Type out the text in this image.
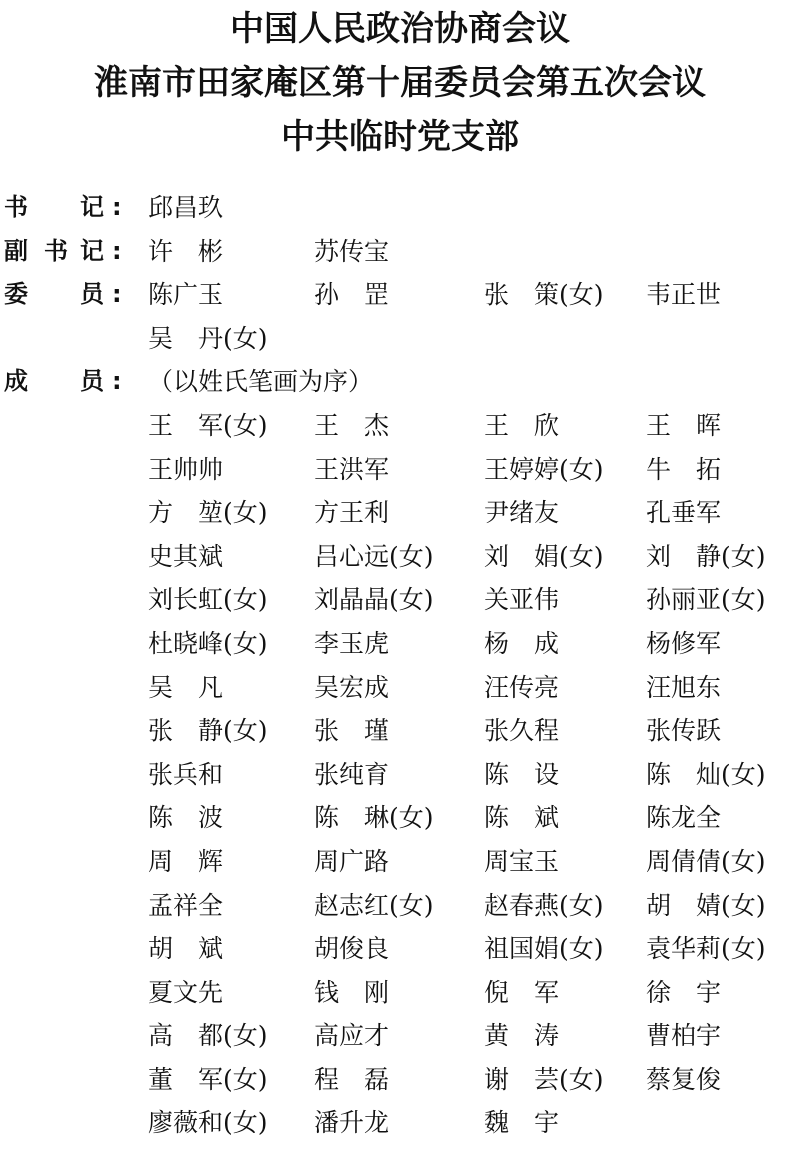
中国人民政治协商会议
淮南市田家庵区第十届委员会第五次会议
中共临时党支部
书 记 : 邱昌玖
副 书 记 : 许　彬	苏传宝
委 员 : 陈广玉	孙　罡	张　策(女) 韦正世
吴　丹(女)
成 员 : （以姓氏笔画为序）
王　军(女) 王　杰	王　欣	王　晖
王帅帅	王洪军	王婷婷(女) 牛　拓
方　堃(女) 方王利	尹绪友	孔垂军
史其斌	吕心远(女) 刘　娟(女) 刘　静(女)
刘长虹(女) 刘晶晶(女) 关亚伟	孙丽亚(女)
杜晓峰(女) 李玉虎	杨　成	杨修军
吴　凡	吴宏成	汪传亮	汪旭东
张　静(女) 张　瑾	张久程	张传跃
张兵和	张纯育	陈　设	陈　灿(女)
陈　波	陈　琳(女) 陈　斌	陈龙全
周　辉	周广路	周宝玉	周倩倩(女)
孟祥全	赵志红(女) 赵春燕(女) 胡　婧(女)
胡　斌	胡俊良	祖国娟(女) 袁华莉(女)
夏文先	钱　刚	倪　军	徐　宇
高　都(女) 高应才	黄　涛	曹柏宇
董　军(女) 程　磊	谢　芸(女) 蔡复俊
廖薇和(女) 潘升龙	魏　宇
